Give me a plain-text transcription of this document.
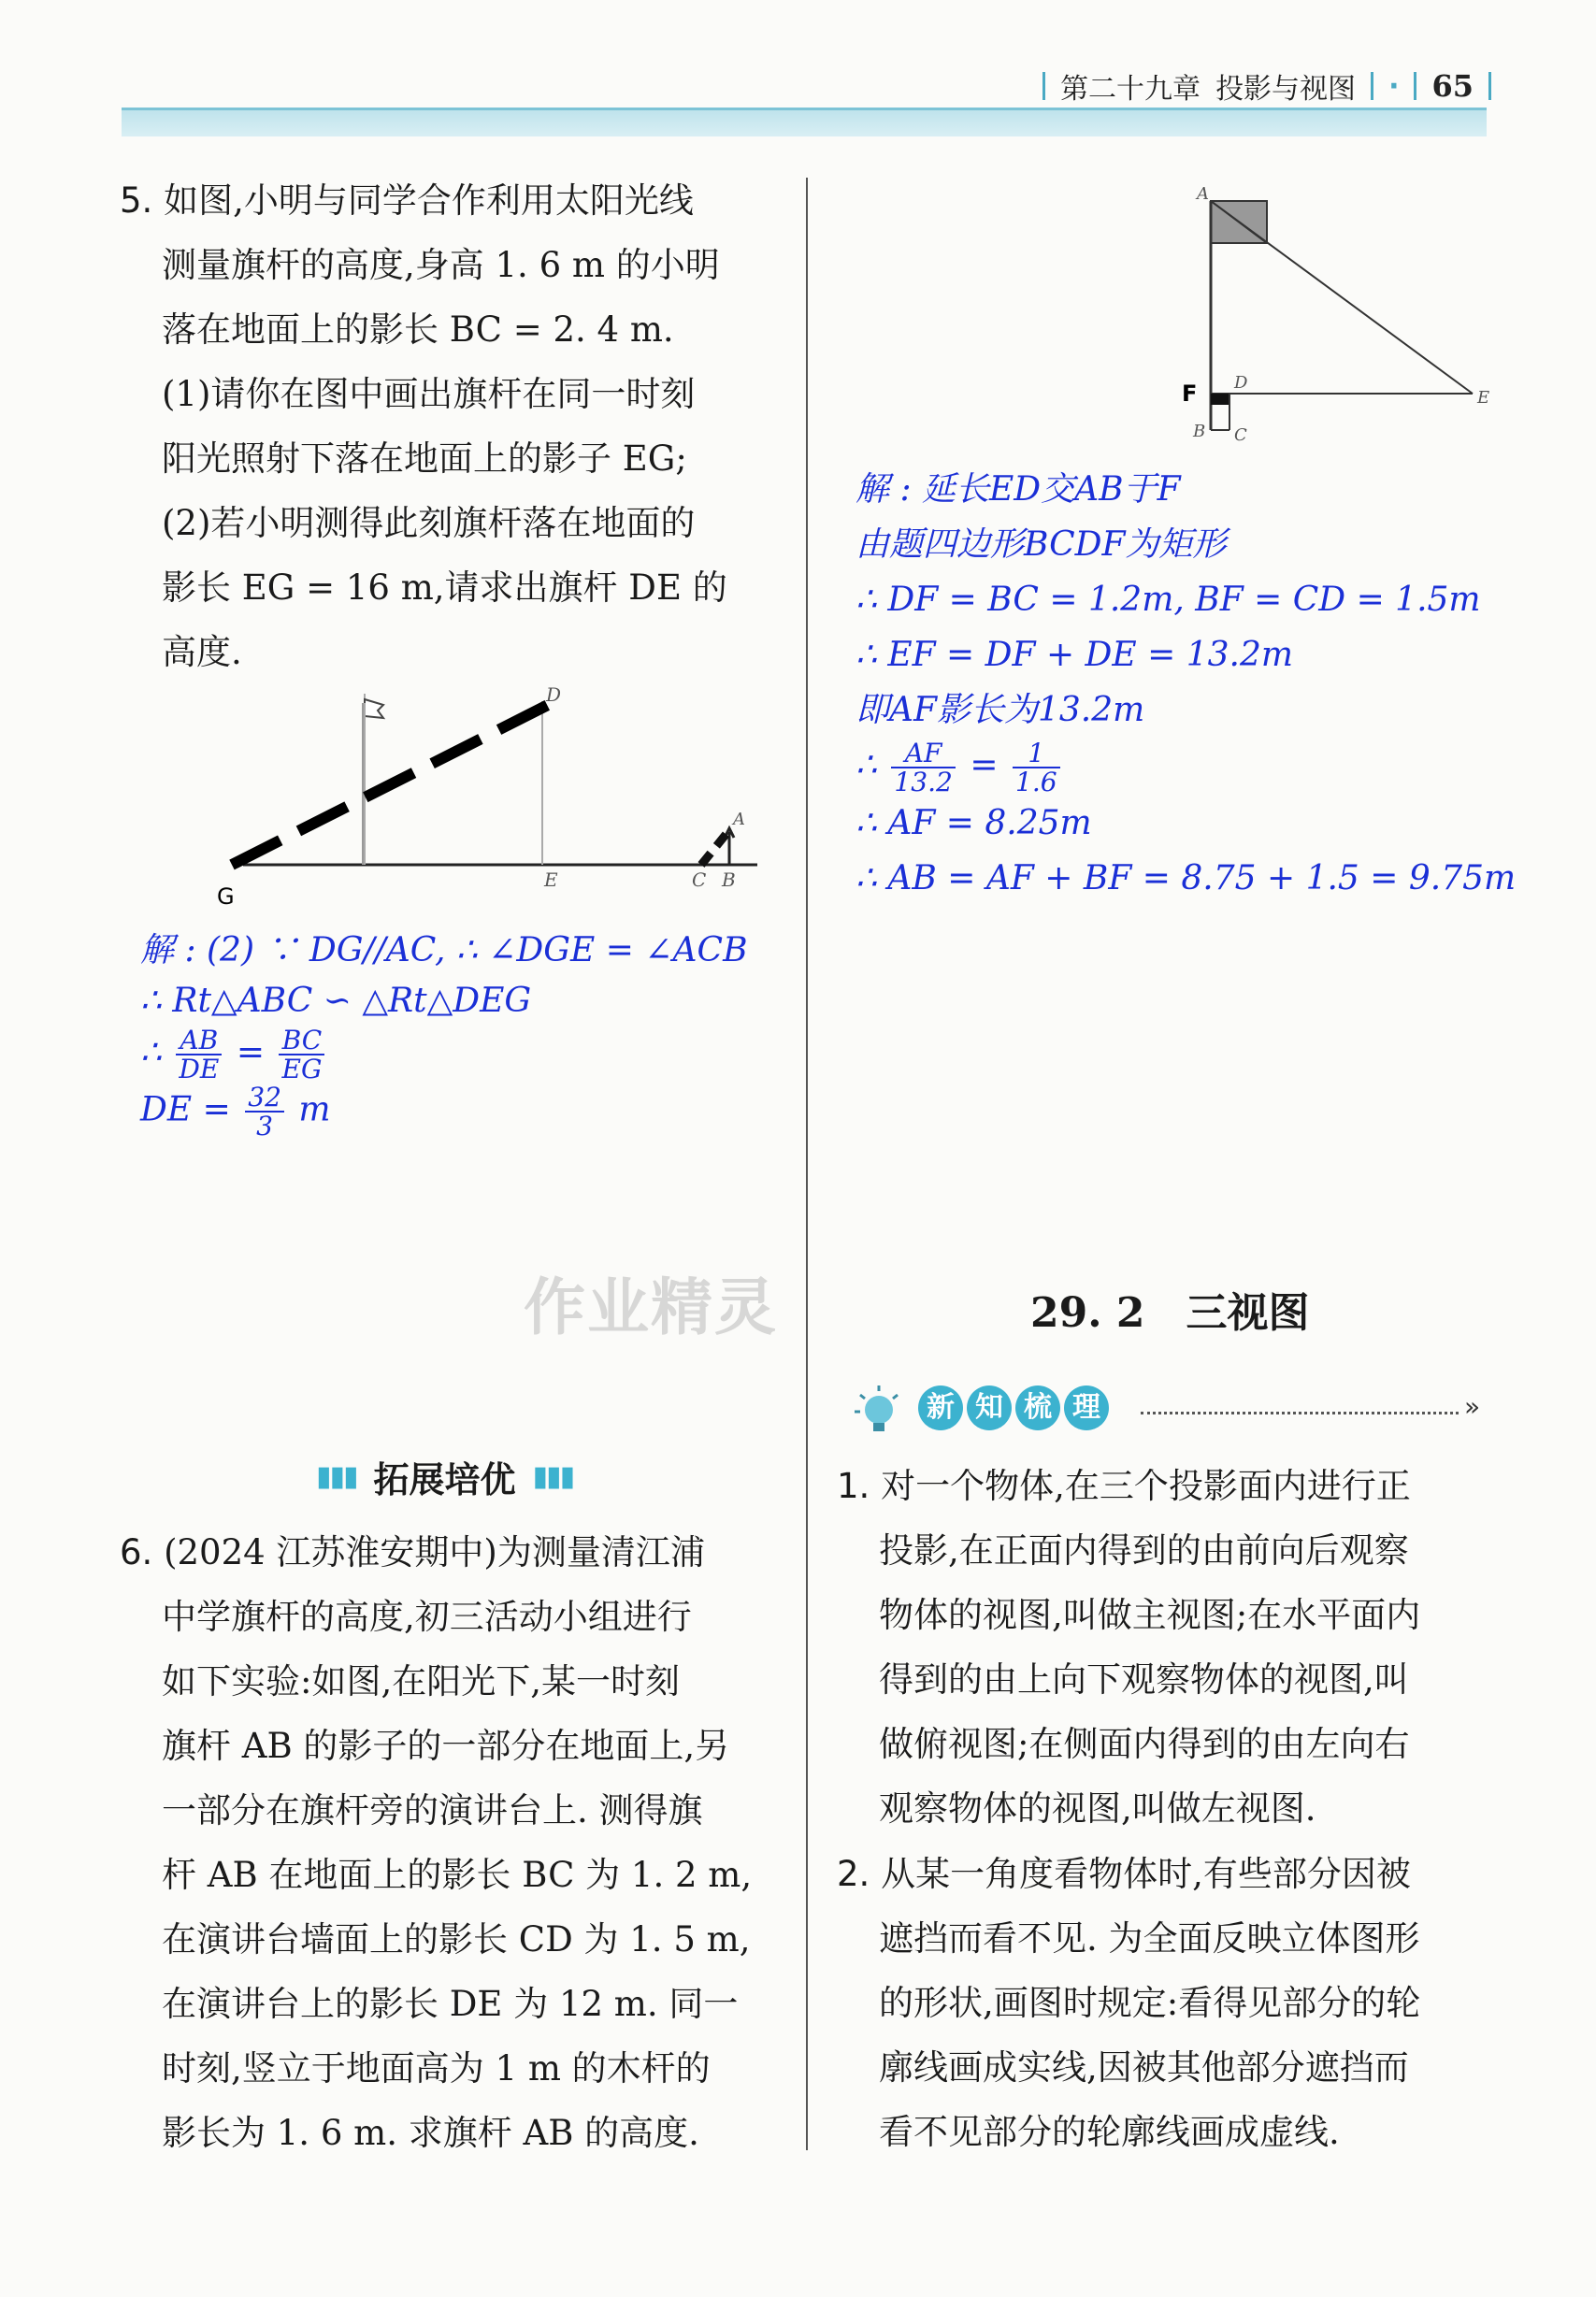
第二十九章 投影与视图 · 65

5. 如图,小明与同学合作利用太阳光线

测量旗杆的高度,身高 1. 6 m 的小明

落在地面上的影长 BC = 2. 4 m.

(1)请你在图中画出旗杆在同一时刻

阳光照射下落在地面上的影子 EG;

(2)若小明测得此刻旗杆落在地面的

影长 EG = 16 m,请求出旗杆 DE 的

高度.

G
E	C B
D
A

解 : (2) ∵ DG//AC, ∴ ∠DGE = ∠ACB

∴ Rt△ABC ∽ △Rt△DEG

∴ $\frac{AB}{DE} = \frac{BC}{EG}$

DE = $\frac{32}{3}$ m

作业精灵
▮▮▮ 拓展培优 ▮▮▮

6. (2024 江苏淮安期中)为测量清江浦

中学旗杆的高度,初三活动小组进行

如下实验:如图,在阳光下,某一时刻

旗杆 AB 的影子的一部分在地面上,另

一部分在旗杆旁的演讲台上. 测得旗

杆 AB 在地面上的影长 BC 为 1. 2 m,

在演讲台墙面上的影长 CD 为 1. 5 m,

在演讲台上的影长 DE 为 12 m. 同一

时刻,竖立于地面高为 1 m 的木杆的

影长为 1. 6 m. 求旗杆 AB 的高度.

A
F D
B C
E

解 : 延长ED交AB于F

由题四边形BCDF为矩形

∴ DF = BC = 1.2m, BF = CD = 1.5m

∴ EF = DF + DE = 13.2m

即AF影长为13.2m

∴ $\frac{AF}{13.2} = \frac{1}{1.6}$

∴ AF = 8.25m

∴ AB = AF + BF = 8.75 + 1.5 = 9.75m

29. 2　三视图
新 知 梳 理	»

1. 对一个物体,在三个投影面内进行正

投影,在正面内得到的由前向后观察

物体的视图,叫做主视图;在水平面内

得到的由上向下观察物体的视图,叫

做俯视图;在侧面内得到的由左向右

观察物体的视图,叫做左视图.

2. 从某一角度看物体时,有些部分因被

遮挡而看不见. 为全面反映立体图形

的形状,画图时规定:看得见部分的轮

廓线画成实线,因被其他部分遮挡而

看不见部分的轮廓线画成虚线.
